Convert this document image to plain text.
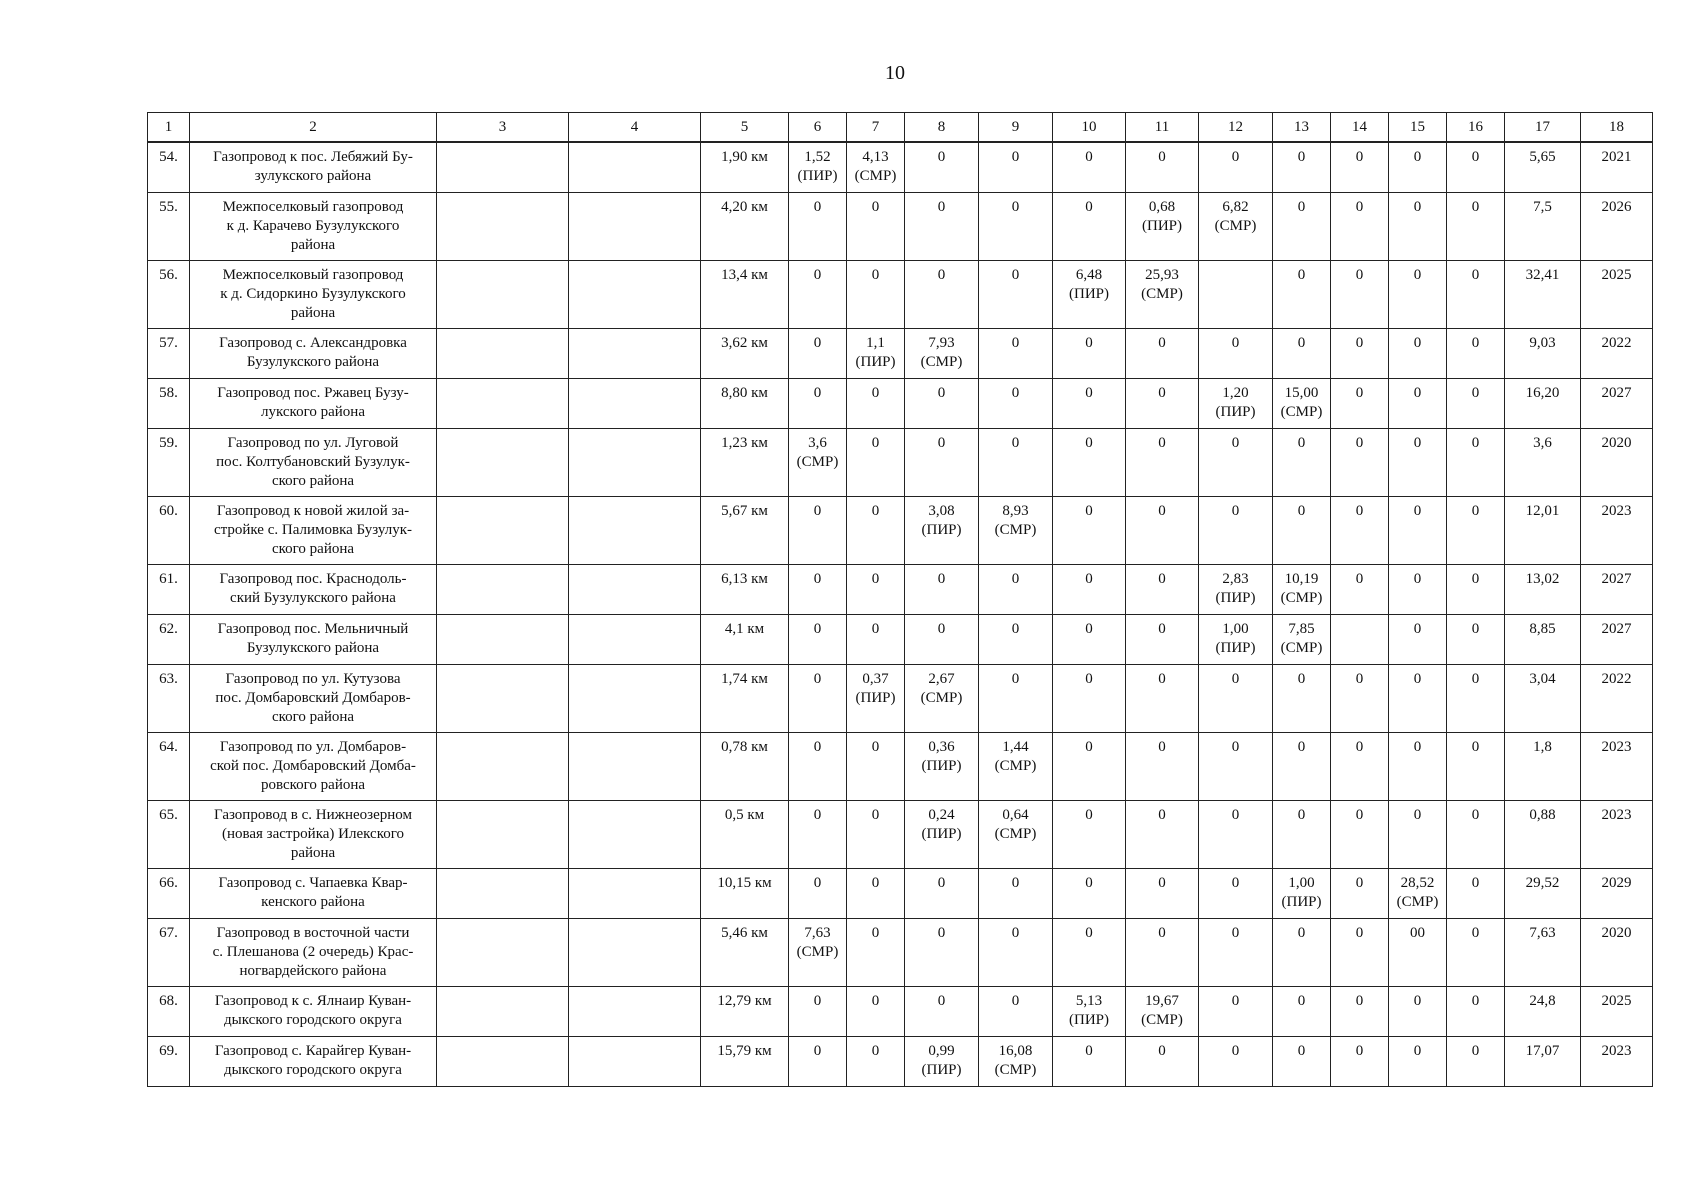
10
1	2	3	4	5	6	7	8	9	10	11	12	13	14	15	16	17	18
54.	Газопровод к пос. Лебяжий Бу-
зулукского района			1,90 км	1,52
(ПИР)	4,13
(СМР)	0	0	0	0	0	0	0	0	0	5,65	2021
55.	Межпоселковый газопровод
к д. Карачево Бузулукского
района			4,20 км	0	0	0	0	0	0,68
(ПИР)	6,82
(СМР)	0	0	0	0	7,5	2026
56.	Межпоселковый газопровод
к д. Сидоркино Бузулукского
района			13,4 км	0	0	0	0	6,48
(ПИР)	25,93
(СМР)		0	0	0	0	32,41	2025
57.	Газопровод с. Александровка
Бузулукского района			3,62 км	0	1,1
(ПИР)	7,93
(СМР)	0	0	0	0	0	0	0	0	9,03	2022
58.	Газопровод пос. Ржавец Бузу-
лукского района			8,80 км	0	0	0	0	0	0	1,20
(ПИР)	15,00
(СМР)	0	0	0	16,20	2027
59.	Газопровод по ул. Луговой
пос. Колтубановский Бузулук-
ского района			1,23 км	3,6
(СМР)	0	0	0	0	0	0	0	0	0	0	3,6	2020
60.	Газопровод к новой жилой за-
стройке с. Палимовка Бузулук-
ского района			5,67 км	0	0	3,08
(ПИР)	8,93
(СМР)	0	0	0	0	0	0	0	12,01	2023
61.	Газопровод пос. Краснодоль-
ский Бузулукского района			6,13 км	0	0	0	0	0	0	2,83
(ПИР)	10,19
(СМР)	0	0	0	13,02	2027
62.	Газопровод пос. Мельничный
Бузулукского района			4,1 км	0	0	0	0	0	0	1,00
(ПИР)	7,85
(СМР)		0	0	8,85	2027
63.	Газопровод по ул. Кутузова
пос. Домбаровский Домбаров-
ского района			1,74 км	0	0,37
(ПИР)	2,67
(СМР)	0	0	0	0	0	0	0	0	3,04	2022
64.	Газопровод по ул. Домбаров-
ской пос. Домбаровский Домба-
ровского района			0,78 км	0	0	0,36
(ПИР)	1,44
(СМР)	0	0	0	0	0	0	0	1,8	2023
65.	Газопровод в с. Нижнеозерном
(новая застройка) Илекского
района			0,5 км	0	0	0,24
(ПИР)	0,64
(СМР)	0	0	0	0	0	0	0	0,88	2023
66.	Газопровод с. Чапаевка Квар-
кенского района			10,15 км	0	0	0	0	0	0	0	1,00
(ПИР)	0	28,52
(СМР)	0	29,52	2029
67.	Газопровод в восточной части
с. Плешанова (2 очередь) Крас-
ногвардейского района			5,46 км	7,63
(СМР)	0	0	0	0	0	0	0	0	00	0	7,63	2020
68.	Газопровод к с. Ялнаир Куван-
дыкского городского округа			12,79 км	0	0	0	0	5,13
(ПИР)	19,67
(СМР)	0	0	0	0	0	24,8	2025
69.	Газопровод с. Карайгер Куван-
дыкского городского округа			15,79 км	0	0	0,99
(ПИР)	16,08
(СМР)	0	0	0	0	0	0	0	17,07	2023
